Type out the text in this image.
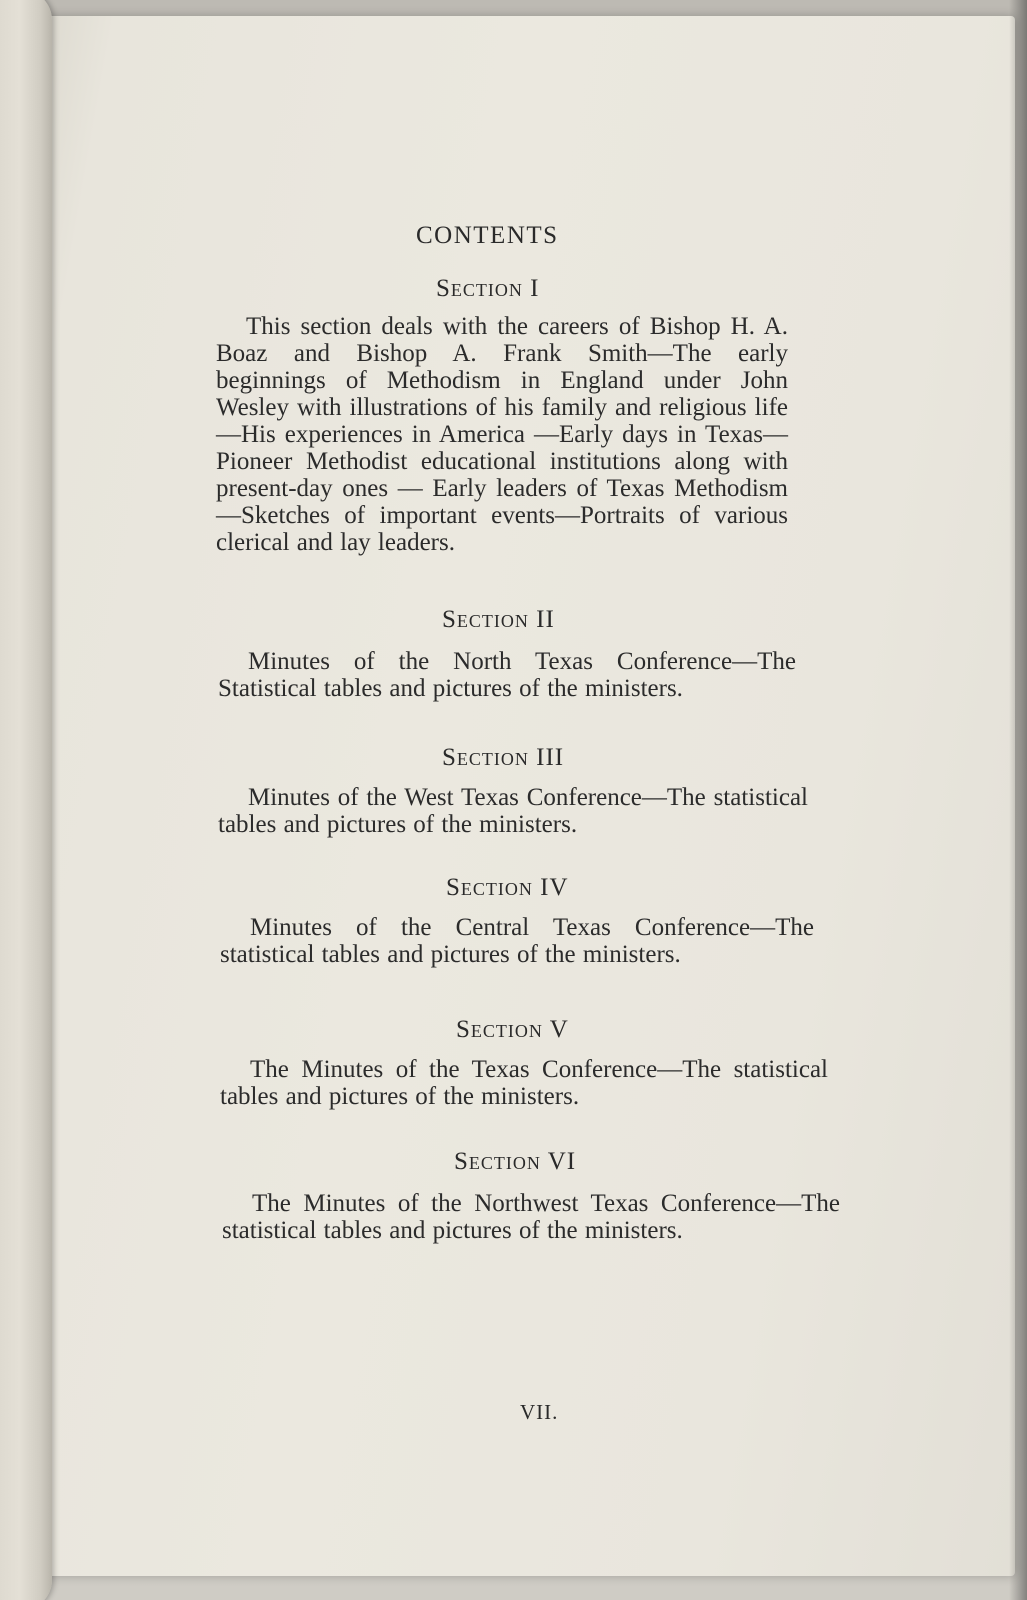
CONTENTS
Section I
This section deals with the careers of Bishop H. A. Boaz and Bishop A. Frank Smith—The early beginnings of Methodism in England under John Wesley with illustrations of his family and religious life—His experiences in America —Early days in Texas—Pioneer Methodist educational institutions along with present-day ones — Early leaders of Texas Methodism—Sketches of important events—Portraits of various clerical and lay leaders.
Section II
Minutes of the North Texas Conference—The Statistical tables and pictures of the ministers.
Section III
Minutes of the West Texas Conference—The statistical tables and pictures of the ministers.
Section IV
Minutes of the Central Texas Conference—The statistical tables and pictures of the ministers.
Section V
The Minutes of the Texas Conference—The statistical tables and pictures of the ministers.
Section VI
The Minutes of the Northwest Texas Conference—The statistical tables and pictures of the ministers.
VII.
